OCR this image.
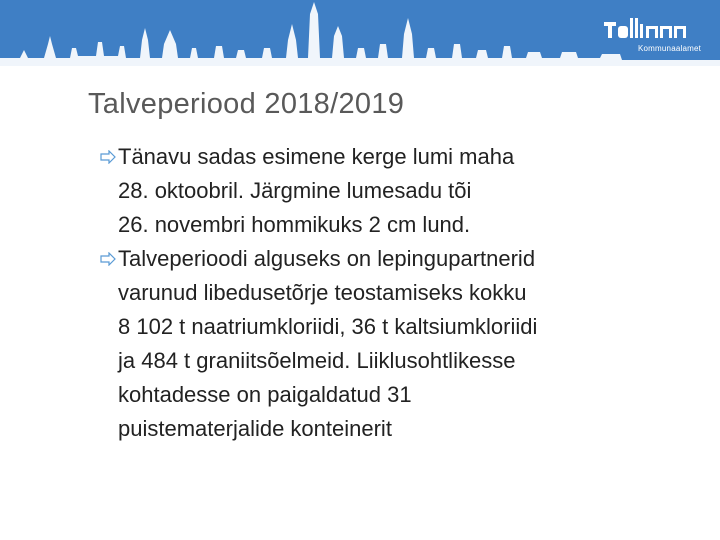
Kommunaalamet
Talveperiood 2018/2019
Tänavu sadas esimene kerge lumi maha
28. oktoobril. Järgmine lumesadu tõi
26. novembri hommikuks 2 cm lund.
Talveperioodi alguseks on lepingupartnerid
varunud libedusetõrje teostamiseks kokku
8 102 t naatriumkloriidi, 36 t kaltsiumkloriidi
ja 484 t graniitsõelmeid. Liiklusohtlikesse
kohtadesse on paigaldatud 31
puistematerjalide konteinerit
